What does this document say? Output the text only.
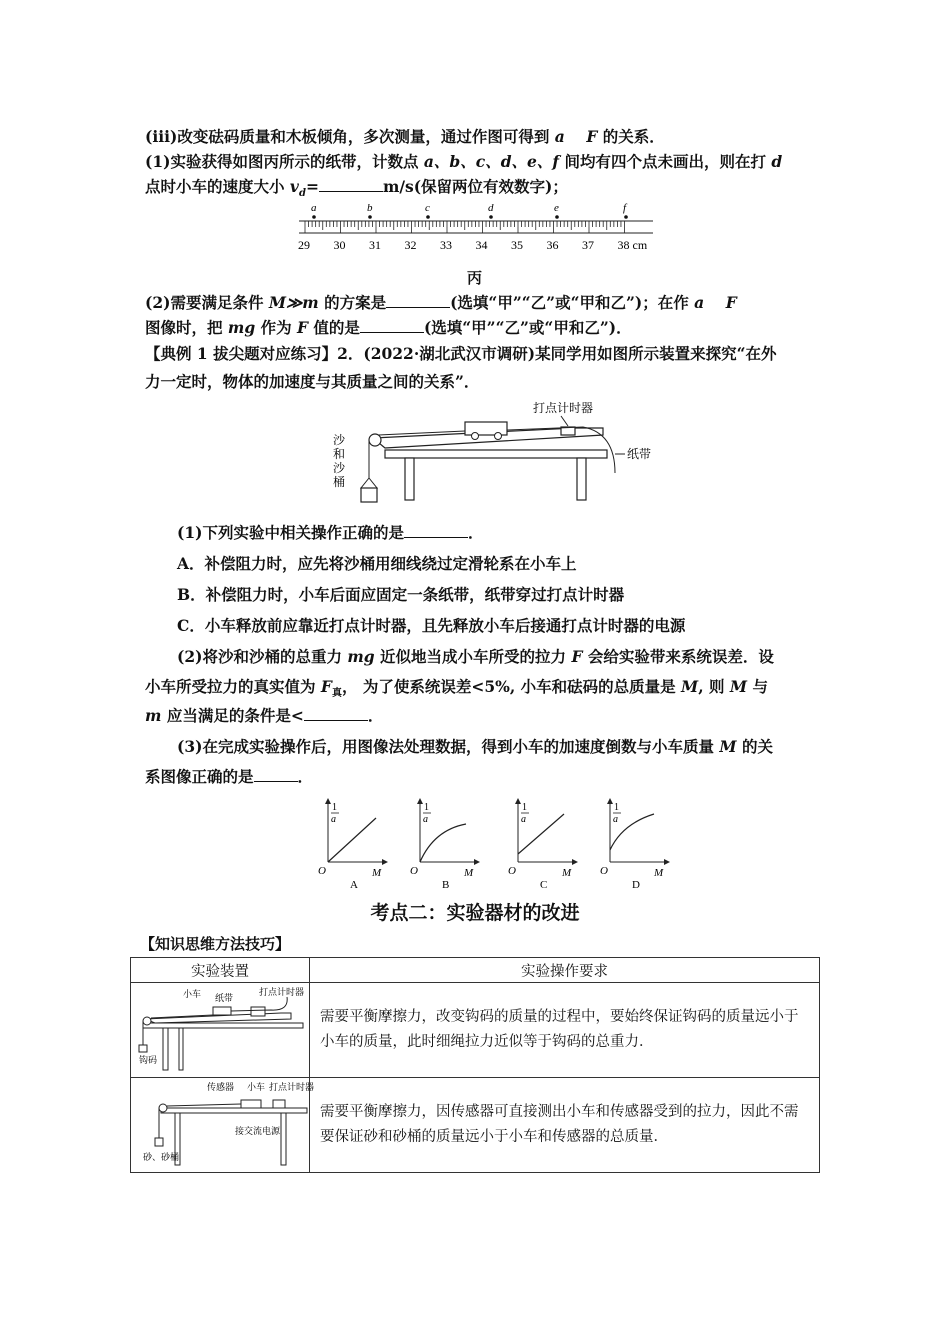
(iii)改变砝码质量和木板倾角，多次测量，通过作图可得到 a    F 的关系．
(1)实验获得如图丙所示的纸带，计数点 a、b、c、d、e、f 间均有四个点未画出，则在打 d
点时小车的速度大小 $v_d=$	m/s(保留两位有效数字)；
a	b	c	d	e	f
29 30 31 32 33 34 35 36 37 38 cm
丙
(2)需要满足条件 M≫m 的方案是	(选填“甲”“乙”或“甲和乙”)；在作 a    F
图像时，把 mg 作为 F 值的是	(选填“甲”“乙”或“甲和乙”)．
【典例 1 拔尖题对应练习】2．(2022·湖北武汉市调研)某同学用如图所示装置来探究“在外
力一定时，物体的加速度与其质量之间的关系”．
打点计时器
纸带
沙
和
沙
桶
(1)下列实验中相关操作正确的是	．
A．补偿阻力时，应先将沙桶用细线绕过定滑轮系在小车上
B．补偿阻力时，小车后面应固定一条纸带，纸带穿过打点计时器
C．小车释放前应靠近打点计时器，且先释放小车后接通打点计时器的电源
(2)将沙和沙桶的总重力 mg 近似地当成小车所受的拉力 F 会给实验带来系统误差．设
小车所受拉力的真实值为 $F_真$， 为了使系统误差<5%, 小车和砝码的总质量是 M, 则 M 与
m 应当满足的条件是<	．
(3)在完成实验操作后，用图像法处理数据，得到小车的加速度倒数与小车质量 M 的关
系图像正确的是	．
1
a
O	M
A
1
a
O	M
B
1
a
O	M
C
1
a
O	M
D
考点二：实验器材的改进
【知识思维方法技巧】
实验装置	实验操作要求

小车 纸带
打点计时器
钩码	需要平衡摩擦力，改变钩码的质量的过程中，要始终保证钩码的质量远小于小车的质量，此时细绳拉力近似等于钩码的总重力．

传感器 小车 打点计时器
接交流电源
砂、砂桶	需要平衡摩擦力，因传感器可直接测出小车和传感器受到的拉力，因此不需要保证砂和砂桶的质量远小于小车和传感器的总质量．
